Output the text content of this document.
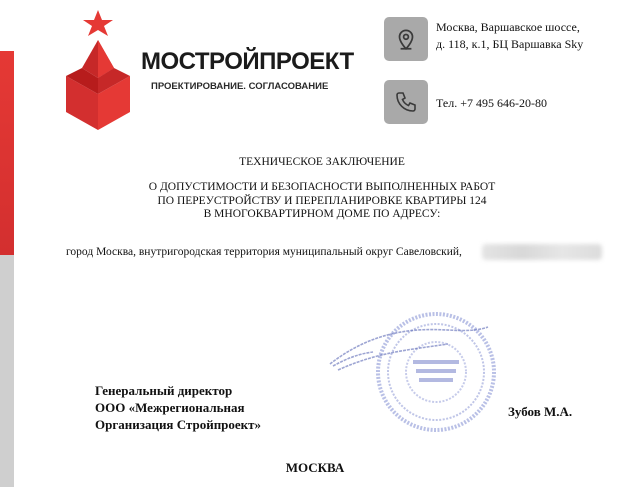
МОСТРОЙПРОЕКТ
ПРОЕКТИРОВАНИЕ. СОГЛАСОВАНИЕ
Москва, Варшавское шоссе,
д. 118, к.1, БЦ Варшавка Sky
Тел. +7 495 646-20-80
ТЕХНИЧЕСКОЕ ЗАКЛЮЧЕНИЕ
О ДОПУСТИМОСТИ И БЕЗОПАСНОСТИ ВЫПОЛНЕННЫХ РАБОТ
ПО ПЕРЕУСТРОЙСТВУ И ПЕРЕПЛАНИРОВКЕ КВАРТИРЫ 124
В МНОГОКВАРТИРНОМ ДОМЕ ПО АДРЕСУ:
город Москва, внутригородская территория муниципальный округ Савеловский,
Генеральный директор
ООО «Межрегиональная
Организация Стройпроект»
Зубов М.А.
МОСКВА
